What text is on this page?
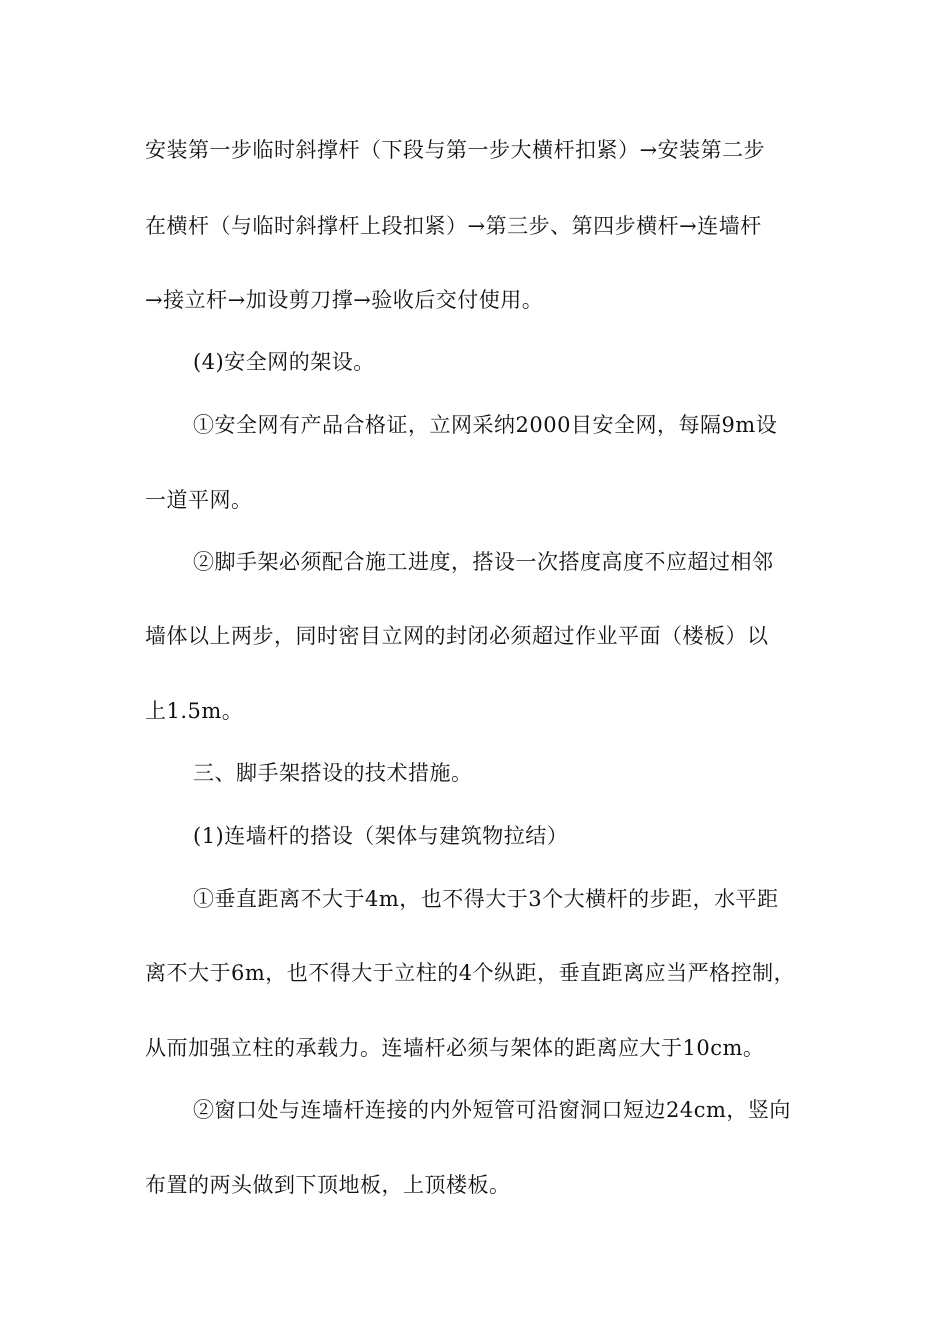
安装第一步临时斜撑杆（下段与第一步大横杆扣紧）→安装第二步
在横杆（与临时斜撑杆上段扣紧）→第三步、第四步横杆→连墙杆
→接立杆→加设剪刀撑→验收后交付使用。
(4)安全网的架设。
①安全网有产品合格证，立网采纳2000目安全网，每隔9m设
一道平网。
②脚手架必须配合施工进度，搭设一次搭度高度不应超过相邻
墙体以上两步，同时密目立网的封闭必须超过作业平面（楼板）以
上1.5m。
三、脚手架搭设的技术措施。
(1)连墙杆的搭设（架体与建筑物拉结）
①垂直距离不大于4m，也不得大于3个大横杆的步距，水平距
离不大于6m，也不得大于立柱的4个纵距，垂直距离应当严格控制，
从而加强立柱的承载力。连墙杆必须与架体的距离应大于10cm。
②窗口处与连墙杆连接的内外短管可沿窗洞口短边24cm，竖向
布置的两头做到下顶地板，上顶楼板。
